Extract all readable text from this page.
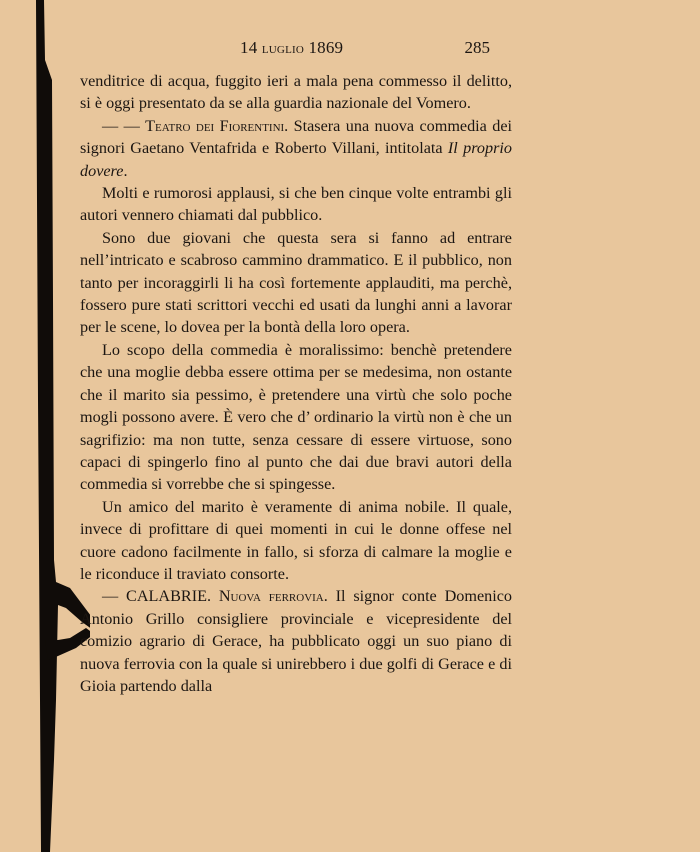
14 luglio 1869	285

venditrice di acqua, fuggito ieri a mala pena commesso il delitto, si è oggi presentato da se alla guardia nazionale del Vomero.

— — Teatro dei Fiorentini. Stasera una nuova commedia dei signori Gaetano Ventafrida e Roberto Villani, intitolata Il proprio dovere.

Molti e rumorosi applausi, si che ben cinque volte entrambi gli autori vennero chiamati dal pubblico.

Sono due giovani che questa sera si fanno ad entrare nell’intricato e scabroso cammino drammatico. E il pubblico, non tanto per incoraggirli li ha così fortemente applauditi, ma perchè, fossero pure stati scrittori vecchi ed usati da lunghi anni a lavorar per le scene, lo dovea per la bontà della loro opera.

Lo scopo della commedia è moralissimo: benchè pretendere che una moglie debba essere ottima per se medesima, non ostante che il marito sia pessimo, è pretendere una virtù che solo poche mogli possono avere. È vero che d’ ordinario la virtù non è che un sagrifizio: ma non tutte, senza cessare di essere virtuose, sono capaci di spingerlo fino al punto che dai due bravi autori della commedia si vorrebbe che si spingesse.

Un amico del marito è veramente di anima nobile. Il quale, invece di profittare di quei momenti in cui le donne offese nel cuore cadono facilmente in fallo, si sforza di calmare la moglie e le riconduce il traviato consorte.

— CALABRIE. Nuova ferrovia. Il signor conte Domenico Antonio Grillo consigliere provinciale e vicepresidente del comizio agrario di Gerace, ha pubblicato oggi un suo piano di nuova ferrovia con la quale si unirebbero i due golfi di Gerace e di Gioia partendo dalla
